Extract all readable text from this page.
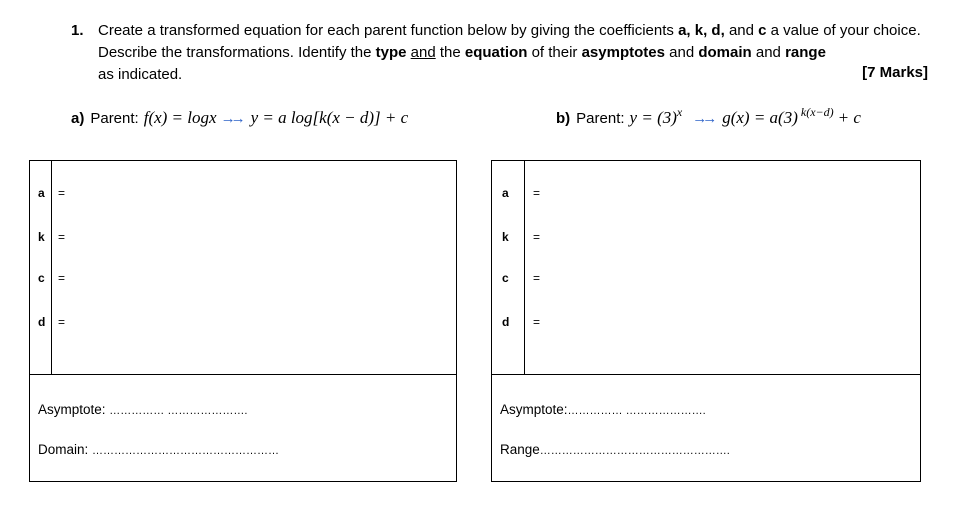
1. Create a transformed equation for each parent function below by giving the coefficients a, k, d, and c a value of your choice. Describe the transformations. Identify the type and the equation of their asymptotes and domain and range
as indicated.	[7 Marks]
a) Parent: f(x) = logx →→ y = a log[k(x − d)] + c	b) Parent: y = (3) x →→ g(x) = a(3) k(x−d) + c
a =
k =
c =
d =
Asymptote: …………… ………………….
Domain: ……………………………………………
a =
k =
c =
d =
Asymptote:…………… ………………….
Range…………………………………………….
